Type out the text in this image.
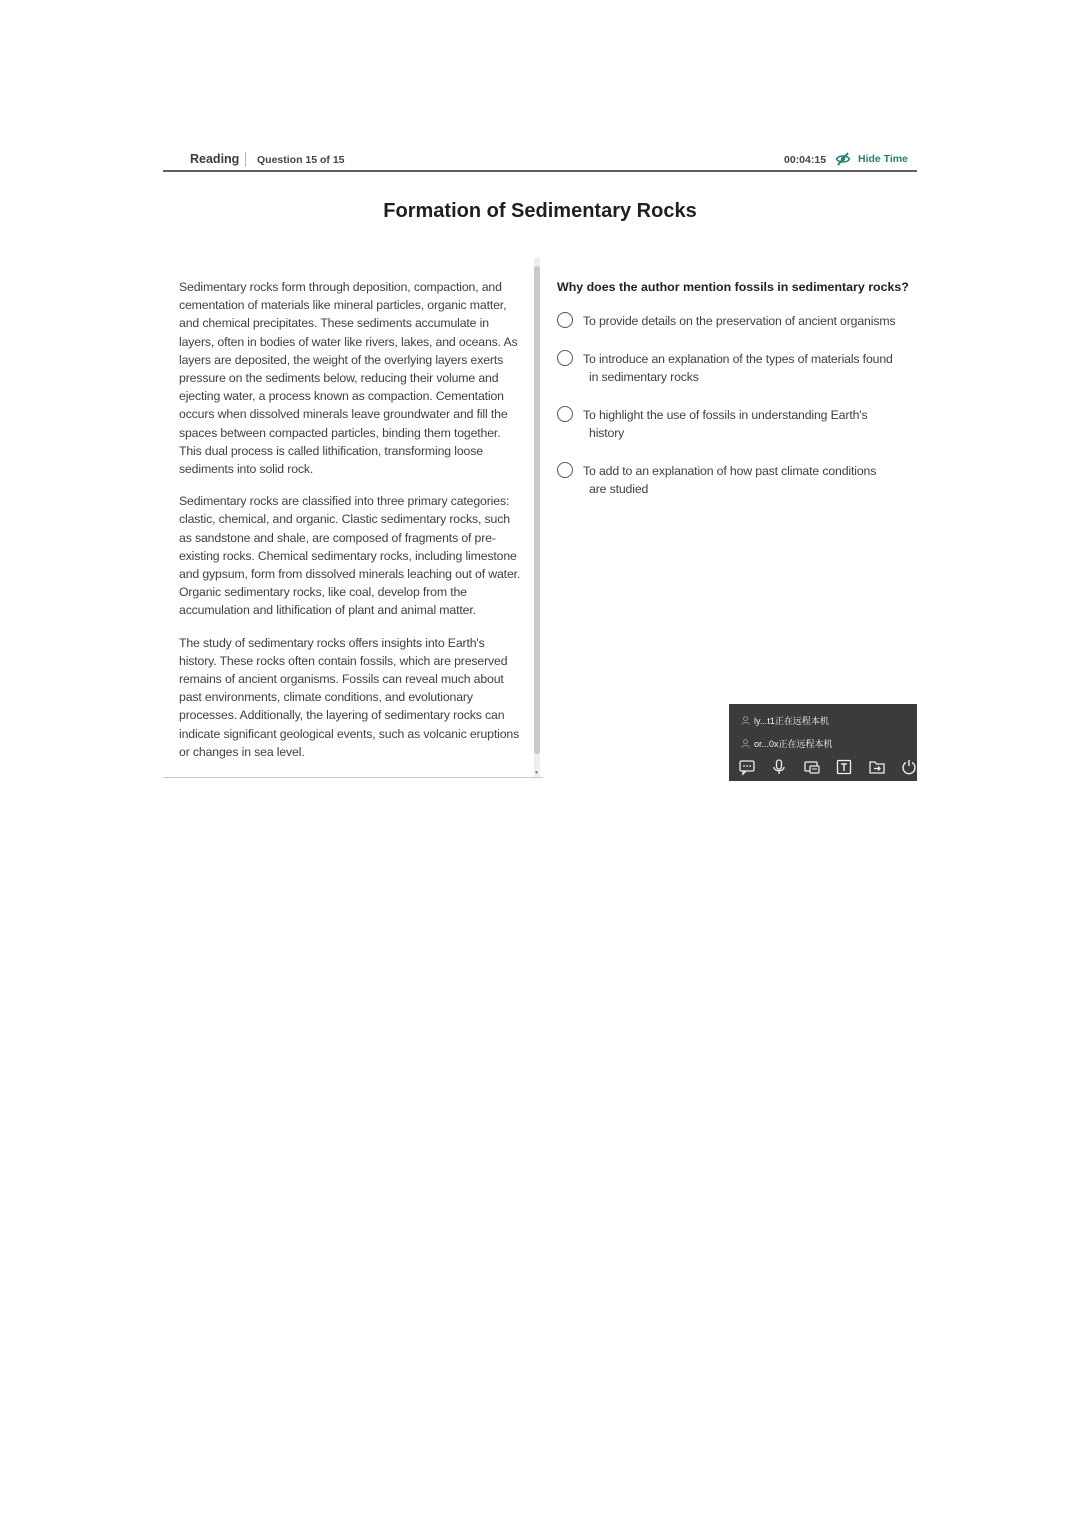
Reading Question 15 of 15	00:04:15	Hide Time
Formation of Sedimentary Rocks

Sedimentary rocks form through deposition, compaction, and cementation of materials like mineral particles, organic matter, and chemical precipitates. These sediments accumulate in layers, often in bodies of water like rivers, lakes, and oceans. As layers are deposited, the weight of the overlying layers exerts pressure on the sediments below, reducing their volume and ejecting water, a process known as compaction. Cementation occurs when dissolved minerals leave groundwater and fill the spaces between compacted particles, binding them together. This dual process is called lithification, transforming loose sediments into solid rock.

Sedimentary rocks are classified into three primary categories: clastic, chemical, and organic. Clastic sedimentary rocks, such as sandstone and shale, are composed of fragments of pre-existing rocks. Chemical sedimentary rocks, including limestone and gypsum, form from dissolved minerals leaching out of water. Organic sedimentary rocks, like coal, develop from the accumulation and lithification of plant and animal matter.

The study of sedimentary rocks offers insights into Earth's history. These rocks often contain fossils, which are preserved remains of ancient organisms. Fossils can reveal much about past environments, climate conditions, and evolutionary processes. Additionally, the layering of sedimentary rocks can indicate significant geological events, such as volcanic eruptions or changes in sea level.

▼
Why does the author mention fossils in sedimentary rocks?
To provide details on the preservation of ancient organisms
To introduce an explanation of the types of materials found
in sedimentary rocks
To highlight the use of fossils in understanding Earth's
history
To add to an explanation of how past climate conditions
are studied
ly...t1正在远程本机
or...0x正在远程本机
